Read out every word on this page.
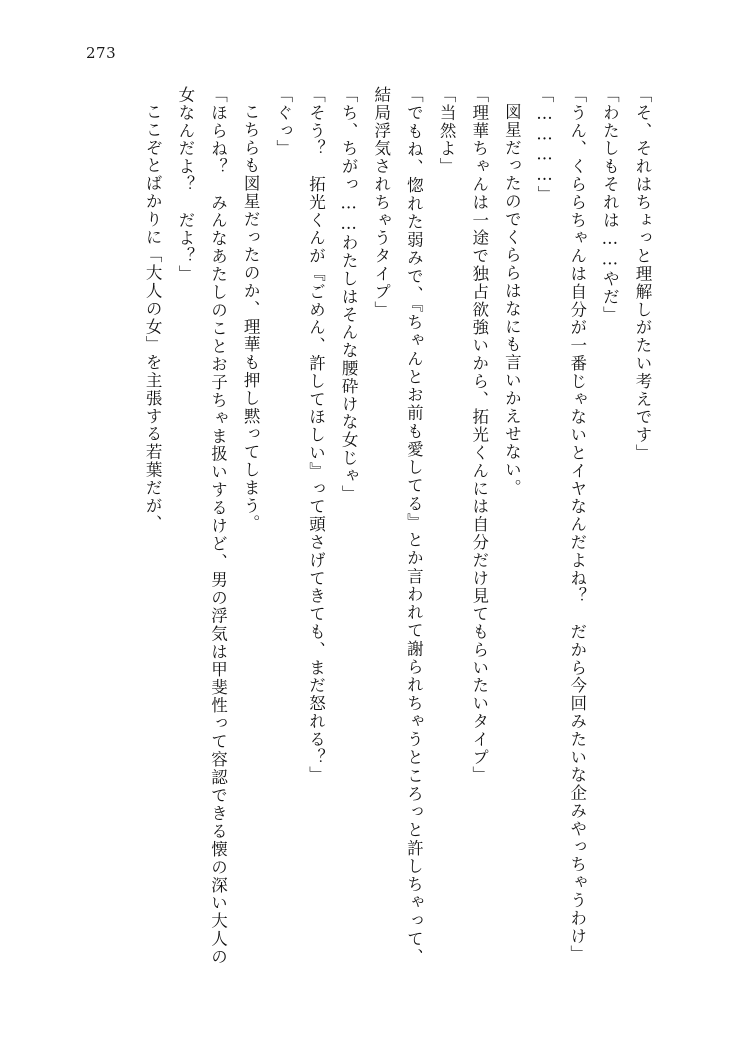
273

「そ、それはちょっと理解しがたい考えです」

「わたしもそれは……やだ」

「うん、くららちゃんは自分が一番じゃないとイヤなんだよね？　だから今回みたいな企みやっちゃうわけ」

「…………」

図星だったのでくららはなにも言いかえせない。

「理華ちゃんは一途で独占欲強いから、拓光くんには自分だけ見てもらいたいタイプ」

「当然よ」

「でもね、惚れた弱みで、『ちゃんとお前も愛してる』とか言われて謝られちゃうところっと許しちゃって、結局浮気されちゃうタイプ」

「ち、ちがっ……わたしはそんな腰砕けな女じゃ」

「そう？　拓光くんが『ごめん、許してほしい』って頭さげてきても、まだ怒れる？」

「ぐっ」

こちらも図星だったのか、理華も押し黙ってしまう。

「ほらね？　みんなあたしのことお子ちゃま扱いするけど、男の浮気は甲斐性って容認できる懐の深い大人の女なんだよ？　だよ？」

ここぞとばかりに「大人の女」を主張する若葉だが、
